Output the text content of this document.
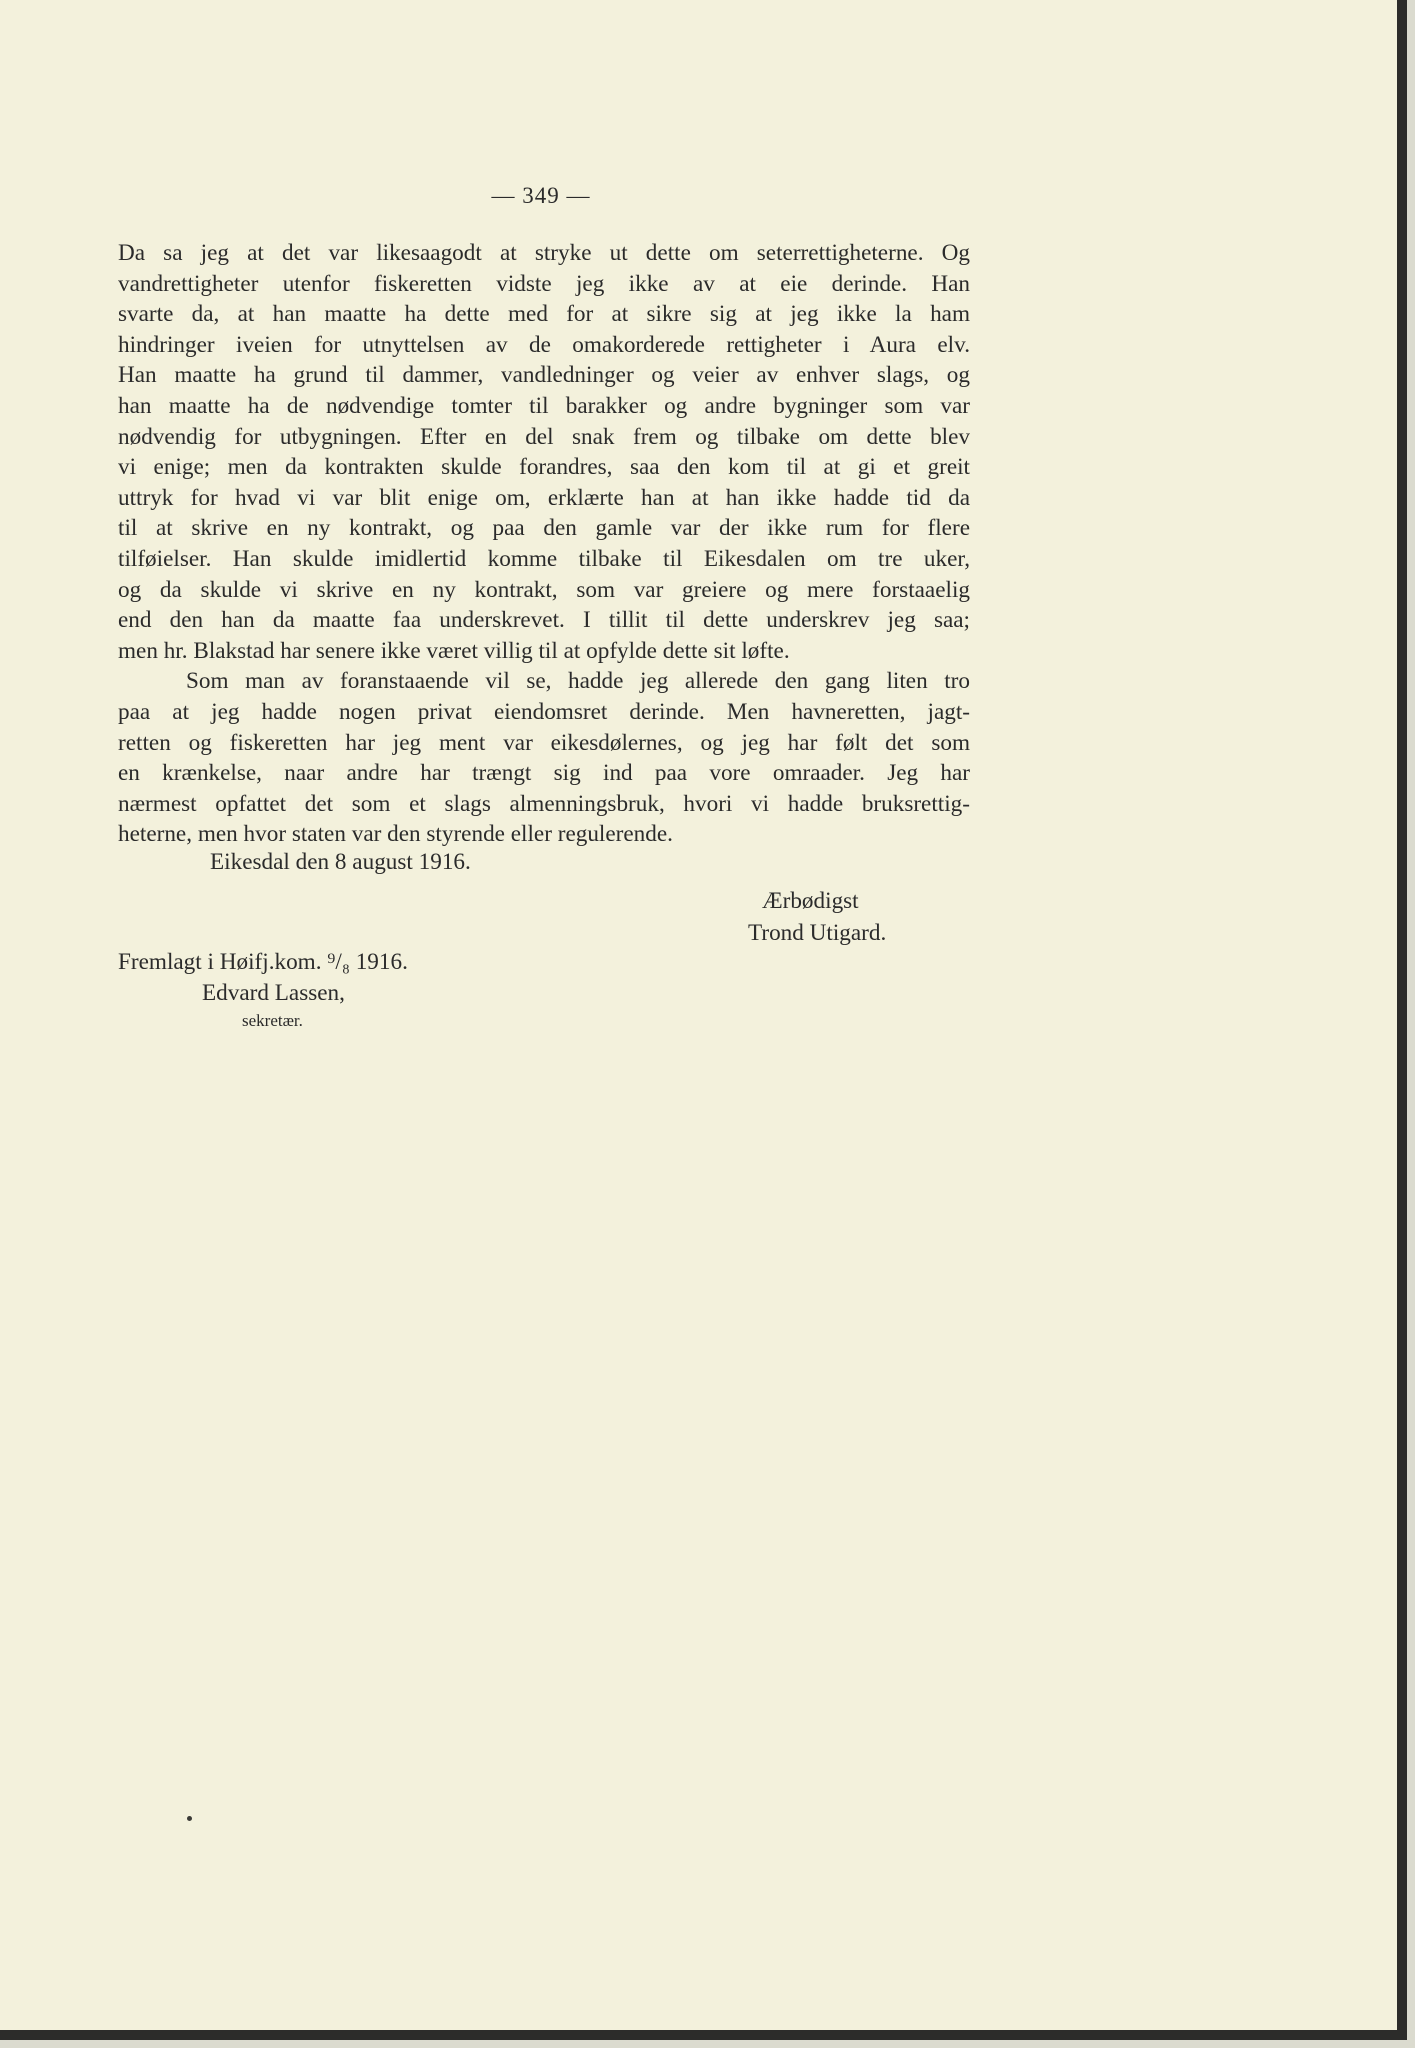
— 349 —
Da sa jeg at det var likesaagodt at stryke ut dette om seterrettigheterne. Og
vandrettigheter utenfor fiskeretten vidste jeg ikke av at eie derinde. Han
svarte da, at han maatte ha dette med for at sikre sig at jeg ikke la ham
hindringer iveien for utnyttelsen av de omakorderede rettigheter i Aura elv.
Han maatte ha grund til dammer, vandledninger og veier av enhver slags, og
han maatte ha de nødvendige tomter til barakker og andre bygninger som var
nødvendig for utbygningen. Efter en del snak frem og tilbake om dette blev
vi enige; men da kontrakten skulde forandres, saa den kom til at gi et greit
uttryk for hvad vi var blit enige om, erklærte han at han ikke hadde tid da
til at skrive en ny kontrakt, og paa den gamle var der ikke rum for flere
tilføielser. Han skulde imidlertid komme tilbake til Eikesdalen om tre uker,
og da skulde vi skrive en ny kontrakt, som var greiere og mere forstaaelig
end den han da maatte faa underskrevet. I tillit til dette underskrev jeg saa;
men hr. Blakstad har senere ikke været villig til at opfylde dette sit løfte.
Som man av foranstaaende vil se, hadde jeg allerede den gang liten tro
paa at jeg hadde nogen privat eiendomsret derinde. Men havneretten, jagt-
retten og fiskeretten har jeg ment var eikesdølernes, og jeg har følt det som
en krænkelse, naar andre har trængt sig ind paa vore omraader. Jeg har
nærmest opfattet det som et slags almenningsbruk, hvori vi hadde bruksrettig-
heterne, men hvor staten var den styrende eller regulerende.
Eikesdal den 8 august 1916.
Ærbødigst
Trond Utigard.
Fremlagt i Høifj.kom. ⁹/₈ 1916.
Edvard Lassen,
sekretær.
